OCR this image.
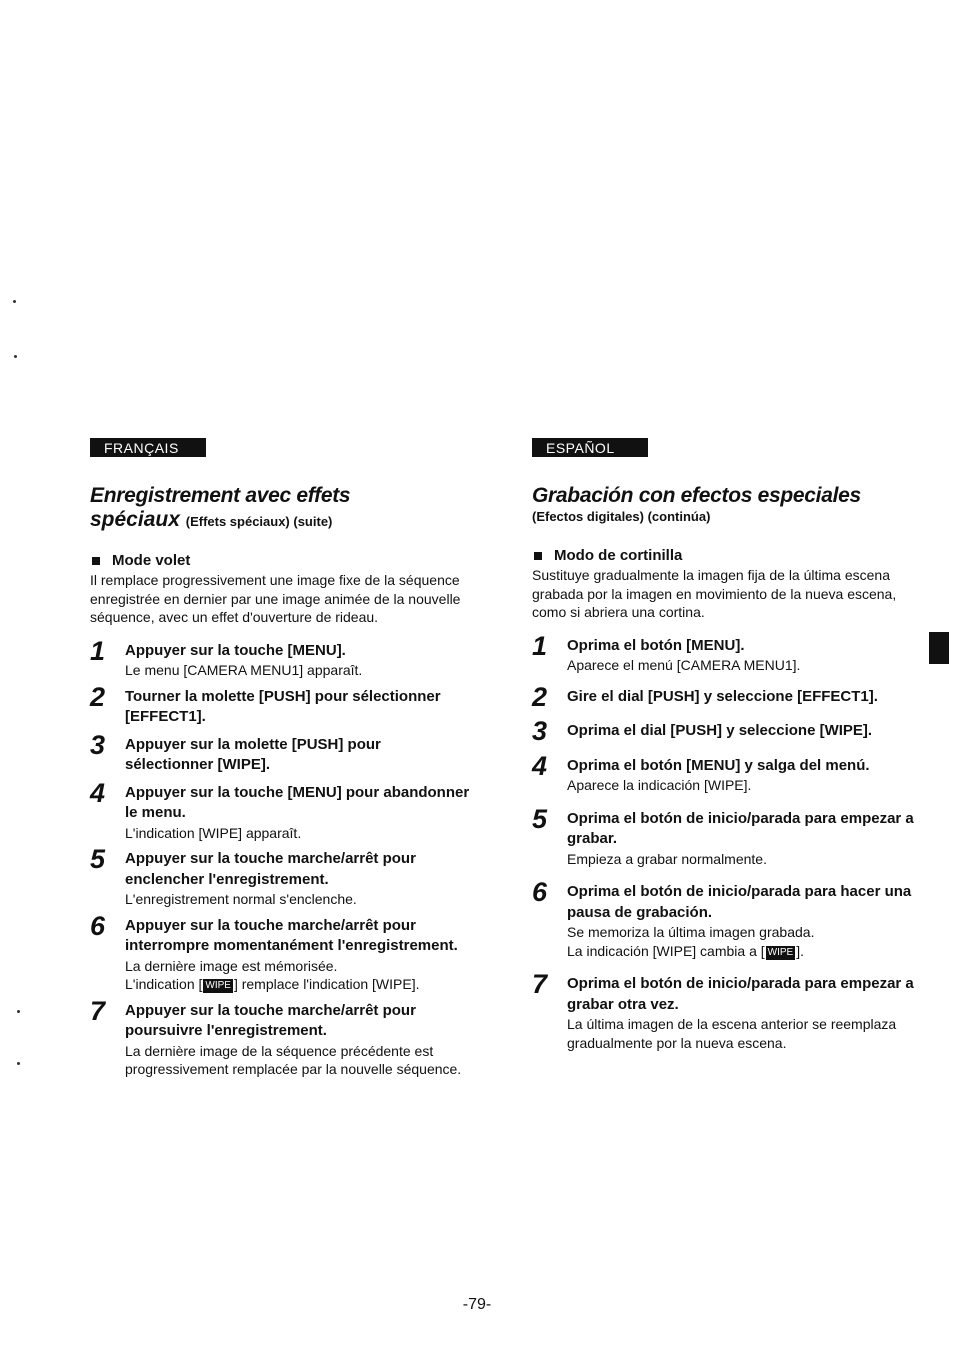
FRANÇAIS
Enregistrement avec effets
spéciaux (Effets spéciaux) (suite)
Mode volet
Il remplace progressivement une image fixe de la séquence enregistrée en dernier par une image animée de la nouvelle séquence, avec un effet d'ouverture de rideau.
1 Appuyer sur la touche [MENU].
Le menu [CAMERA MENU1] apparaît.
2 Tourner la molette [PUSH] pour sélectionner [EFFECT1].
3 Appuyer sur la molette [PUSH] pour sélectionner [WIPE].
4 Appuyer sur la touche [MENU] pour abandonner le menu.
L'indication [WIPE] apparaît.
5 Appuyer sur la touche marche/arrêt pour enclencher l'enregistrement.
L'enregistrement normal s'enclenche.
6 Appuyer sur la touche marche/arrêt pour interrompre momentanément l'enregistrement.
La dernière image est mémorisée.
L'indication [ WIPE ] remplace l'indication [WIPE].
7 Appuyer sur la touche marche/arrêt pour poursuivre l'enregistrement.
La dernière image de la séquence précédente est progressivement remplacée par la nouvelle séquence.
ESPAÑOL
Grabación con efectos especiales
(Efectos digitales) (continúa)
Modo de cortinilla
Sustituye gradualmente la imagen fija de la última escena grabada por la imagen en movimiento de la nueva escena, como si abriera una cortina.
1 Oprima el botón [MENU].
Aparece el menú [CAMERA MENU1].
2 Gire el dial [PUSH] y seleccione [EFFECT1].
3 Oprima el dial [PUSH] y seleccione [WIPE].
4 Oprima el botón [MENU] y salga del menú.
Aparece la indicación [WIPE].
5 Oprima el botón de inicio/parada para empezar a grabar.
Empieza a grabar normalmente.
6 Oprima el botón de inicio/parada para hacer una pausa de grabación.
Se memoriza la última imagen grabada.
La indicación [WIPE] cambia a [ WIPE ].
7 Oprima el botón de inicio/parada para empezar a grabar otra vez.
La última imagen de la escena anterior se reemplaza gradualmente por la nueva escena.
-79-
